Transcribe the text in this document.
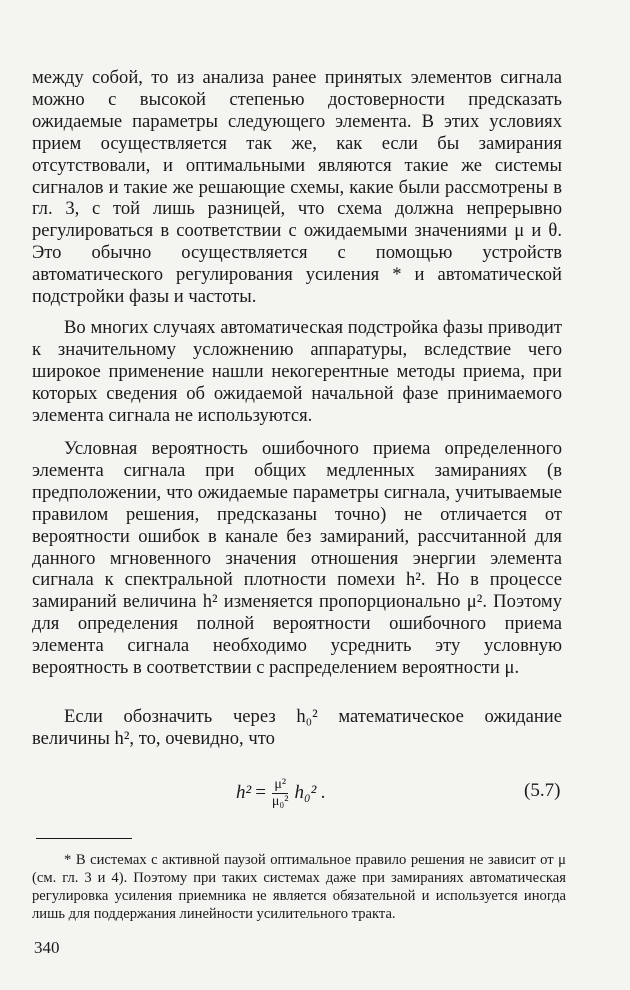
между собой, то из анализа ранее принятых элементов сигнала можно с высокой степенью достоверности предсказать ожидаемые параметры следующего элемента. В этих условиях прием осуществляется так же, как если бы замирания отсутствовали, и оптимальными являются такие же системы сигналов и такие же решающие схемы, какие были рассмотрены в гл. 3, с той лишь разницей, что схема должна непрерывно регулироваться в соответствии с ожидаемыми значениями μ и θ. Это обычно осуществляется с помощью устройств автоматического регулирования усиления * и автоматической подстройки фазы и частоты.

Во многих случаях автоматическая подстройка фазы приводит к значительному усложнению аппаратуры, вследствие чего широкое применение нашли некогерентные методы приема, при которых сведения об ожидаемой начальной фазе принимаемого элемента сигнала не используются.

Условная вероятность ошибочного приема определенного элемента сигнала при общих медленных замираниях (в предположении, что ожидаемые параметры сигнала, учитываемые правилом решения, предсказаны точно) не отличается от вероятности ошибок в канале без замираний, рассчитанной для данного мгновенного значения отношения энергии элемента сигнала к спектральной плотности помехи h². Но в процессе замираний величина h² изменяется пропорционально μ². Поэтому для определения полной вероятности ошибочного приема элемента сигнала необходимо усреднить эту условную вероятность в соответствии с распределением вероятности μ.

Если обозначить через h₀² математическое ожидание величины h², то, очевидно, что

$h^2 = \frac{\text{μ²}}{\text{μ₀²}} h_0^2$ .	(5.7)

* В системах с активной паузой оптимальное правило решения не зависит от μ (см. гл. 3 и 4). Поэтому при таких системах даже при замираниях автоматическая регулировка усиления приемника не является обязательной и используется иногда лишь для поддержания линейности усилительного тракта.

340
